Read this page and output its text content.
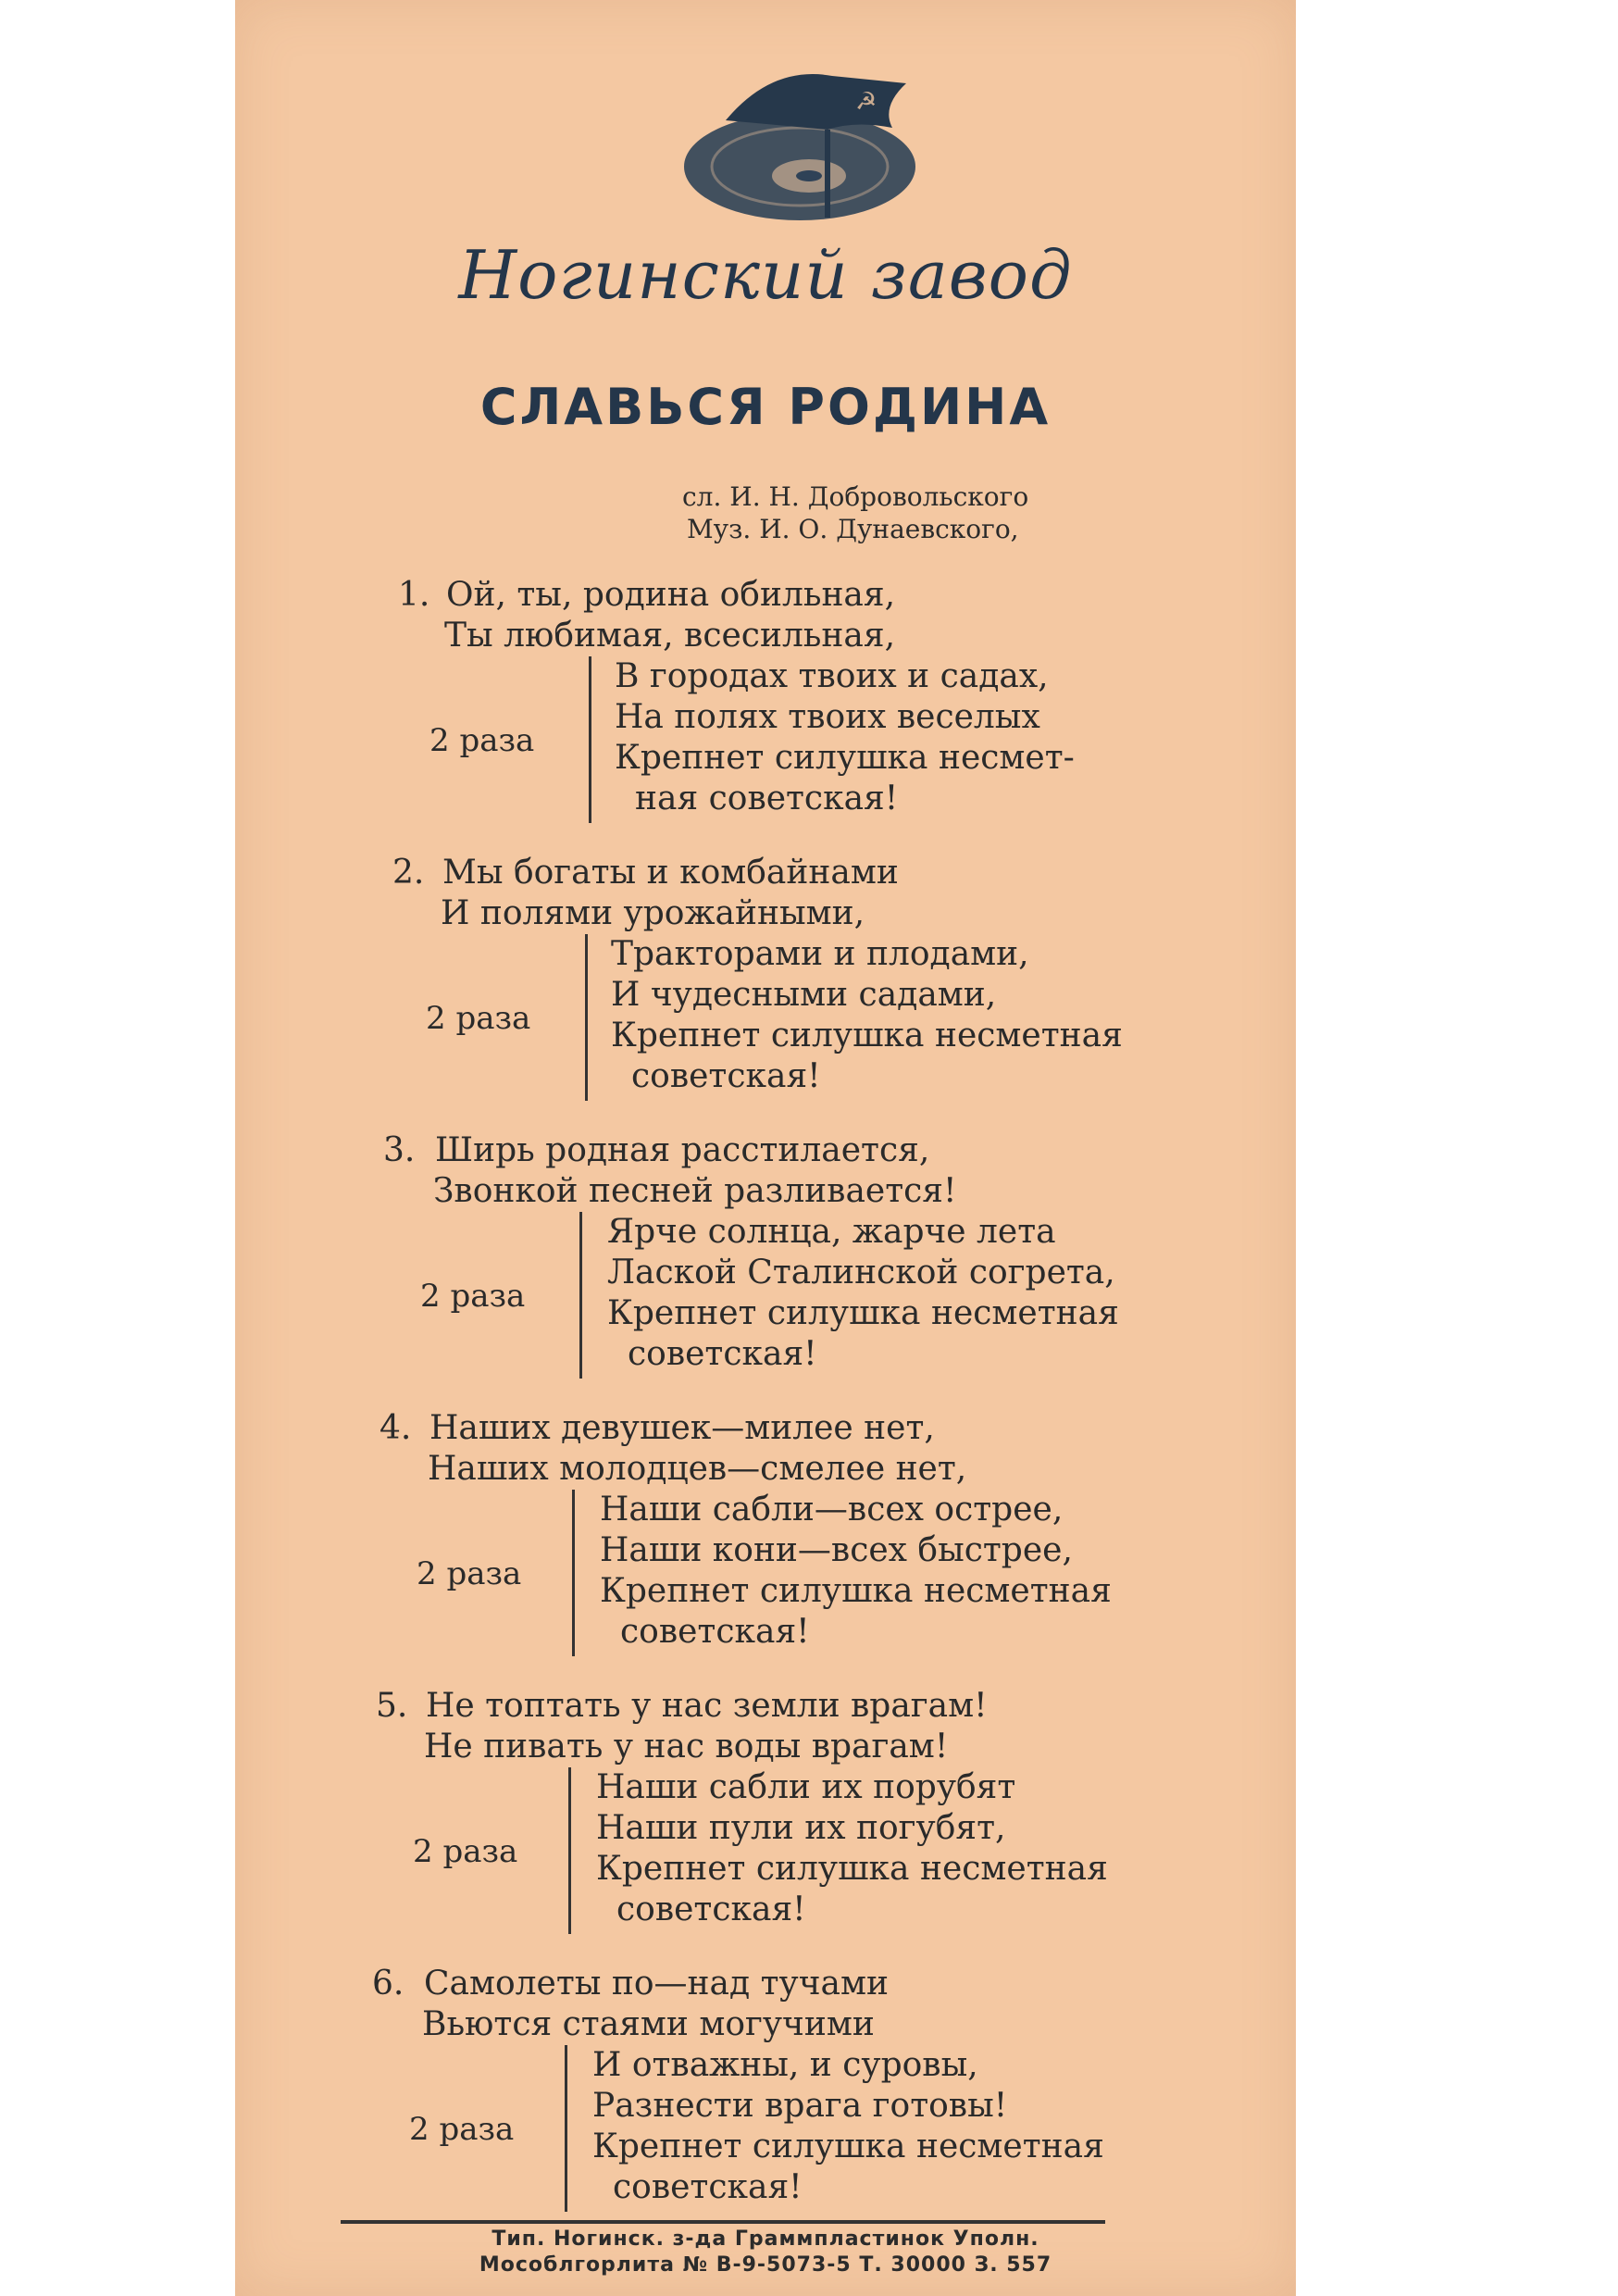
☭
Ногинский завод
СЛАВЬСЯ РОДИНА
сл. И. Н. Добровольского
Муз. И. О. Дунаевского,
1. Ой, ты, родина обильная,
Ты любимая, всесильная,
В городах твоих и садах,
На полях твоих веселых
Крепнет силушка несмет-
ная советская!
2 раза
2. Мы богаты и комбайнами
И полями урожайными,
Тракторами и плодами,
И чудесными садами,
Крепнет силушка несметная
советская!
2 раза
3. Ширь родная расстилается,
Звонкой песней разливается!
Ярче солнца, жарче лета
Лаской Сталинской согрета,
Крепнет силушка несметная
советская!
2 раза
4. Наших девушек—милее нет,
Наших молодцев—смелее нет,
Наши сабли—всех острее,
Наши кони—всех быстрее,
Крепнет силушка несметная
советская!
2 раза
5. Не топтать у нас земли врагам!
Не пивать у нас воды врагам!
Наши сабли их порубят
Наши пули их погубят,
Крепнет силушка несметная
советская!
2 раза
6. Самолеты по—над тучами
Вьются стаями могучими
И отважны, и суровы,
Разнести врага готовы!
Крепнет силушка несметная
советская!
2 раза
Тип. Ногинск. з-да Граммпластинок Уполн.
Мособлгорлита № В-9-5073-5 Т. 30000 З. 557
